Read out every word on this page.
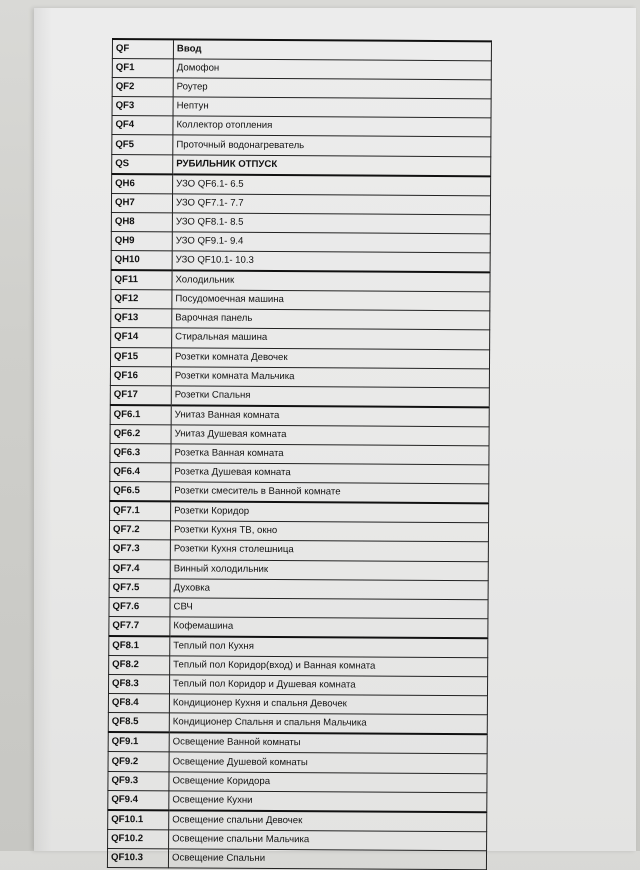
QF	Ввод
QF1	Домофон
QF2	Роутер
QF3	Нептун
QF4	Коллектор отопления
QF5	Проточный водонагреватель
QS	РУБИЛЬНИК ОТПУСК
QH6	УЗО QF6.1- 6.5
QH7	УЗО QF7.1- 7.7
QH8	УЗО QF8.1- 8.5
QH9	УЗО QF9.1- 9.4
QH10	УЗО QF10.1- 10.3
QF11	Холодильник
QF12	Посудомоечная машина
QF13	Варочная панель
QF14	Стиральная машина
QF15	Розетки комната Девочек
QF16	Розетки комната Мальчика
QF17	Розетки Спальня
QF6.1	Унитаз Ванная комната
QF6.2	Унитаз Душевая комната
QF6.3	Розетка Ванная комната
QF6.4	Розетка Душевая комната
QF6.5	Розетки смеситель в Ванной комнате
QF7.1	Розетки Коридор
QF7.2	Розетки Кухня ТВ, окно
QF7.3	Розетки Кухня столешница
QF7.4	Винный холодильник
QF7.5	Духовка
QF7.6	СВЧ
QF7.7	Кофемашина
QF8.1	Теплый пол Кухня
QF8.2	Теплый пол Коридор(вход) и Ванная комната
QF8.3	Теплый пол Коридор и Душевая комната
QF8.4	Кондиционер Кухня и спальня Девочек
QF8.5	Кондиционер Спальня и спальня Мальчика
QF9.1	Освещение Ванной комнаты
QF9.2	Освещение Душевой комнаты
QF9.3	Освещение Коридора
QF9.4	Освещение Кухни
QF10.1	Освещение спальни Девочек
QF10.2	Освещение спальни Мальчика
QF10.3	Освещение Спальни
